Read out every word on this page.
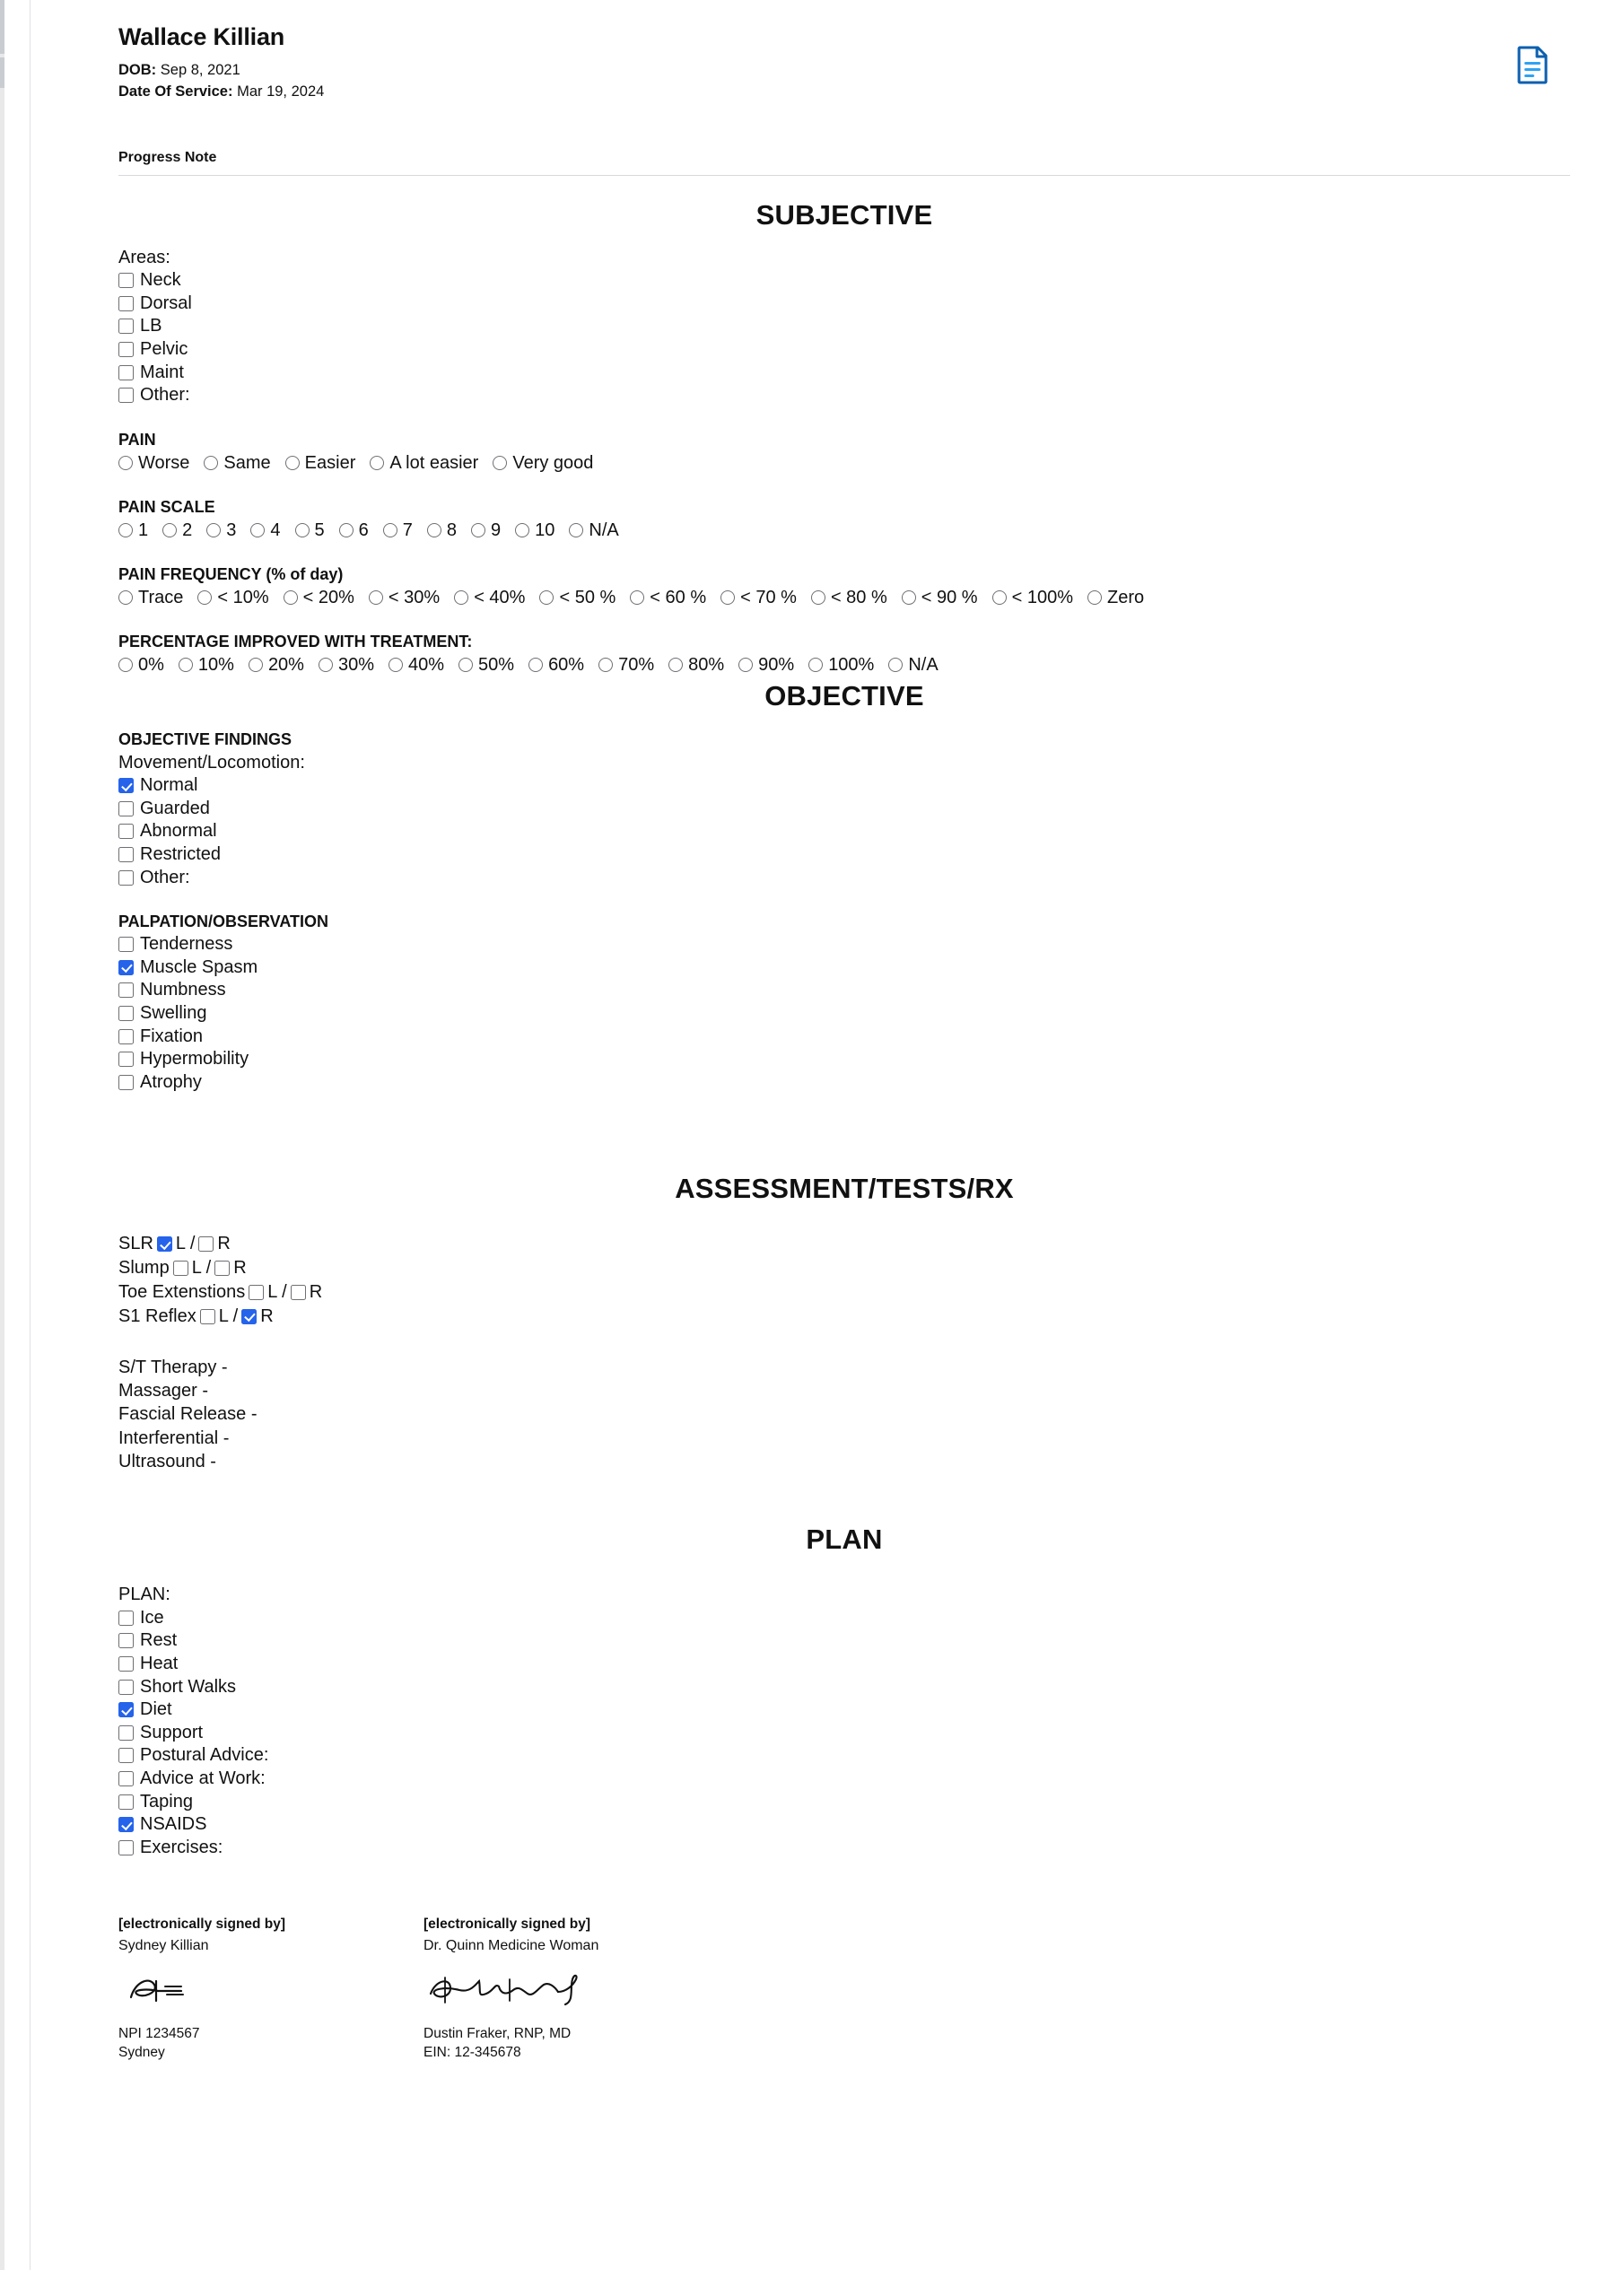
Wallace Killian
DOB: Sep 8, 2021
Date Of Service: Mar 19, 2024
Progress Note
SUBJECTIVE
Areas:
Neck
Dorsal
LB
Pelvic
Maint
Other:
PAIN
Worse Same Easier A lot easier Very good
PAIN SCALE
1 2 3 4 5 6 7 8 9 10 N/A
PAIN FREQUENCY (% of day)
Trace < 10% < 20% < 30% < 40% < 50 % < 60 % < 70 % < 80 % < 90 % < 100% Zero
PERCENTAGE IMPROVED WITH TREATMENT:
0% 10% 20% 30% 40% 50% 60% 70% 80% 90% 100% N/A
OBJECTIVE
OBJECTIVE FINDINGS
Movement/Locomotion:
Normal
Guarded
Abnormal
Restricted
Other:
PALPATION/OBSERVATION
Tenderness
Muscle Spasm
Numbness
Swelling
Fixation
Hypermobility
Atrophy
ASSESSMENT/TESTS/RX
SLR L / R
Slump L / R
Toe Extenstions L / R
S1 Reflex L / R
S/T Therapy -
Massager -
Fascial Release -
Interferential -
Ultrasound -
PLAN
PLAN:
Ice
Rest
Heat
Short Walks
Diet
Support
Postural Advice:
Advice at Work:
Taping
NSAIDS
Exercises:
[electronically signed by]
Sydney Killian
NPI 1234567
Sydney
[electronically signed by]
Dr. Quinn Medicine Woman
Dustin Fraker, RNP, MD
EIN: 12-345678
